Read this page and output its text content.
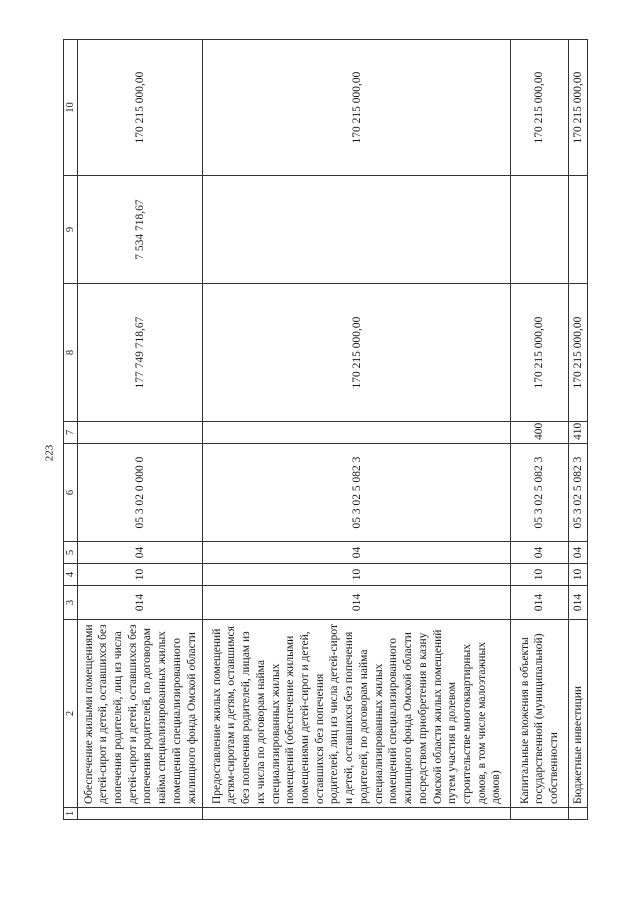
223
1	2	3	4	5	6	7	8	9	10
	Обеспечение жилыми помещениями детей-сирот и детей, оставшихся без попечения родителей, лиц из числа детей-сирот и детей, оставшихся без попечения родителей, по договорам найма специализированных жилых помещений специализированного жилищного фонда Омской области	014	10	04	05 3 02 0 000 0		177 749 718,67	7 534 718,67	170 215 000,00
	Предоставление жилых помещений детям-сиротам и детям, оставшимся без попечения родителей, лицам из их числа по договорам найма специализированных жилых помещений (обеспечение жилыми помещениями детей-сирот и детей, оставшихся без попечения родителей, лиц из числа детей-сирот и детей, оставшихся без попечения родителей, по договорам найма специализированных жилых помещений специализированного жилищного фонда Омской области посредством приобретения в казну Омской области жилых помещений путем участия в долевом строительстве многоквартирных домов, в том числе малоэтажных домов)	014	10	04	05 3 02 5 082 3		170 215 000,00		170 215 000,00
	Капитальные вложения в объекты государственной (муниципальной) собственности	014	10	04	05 3 02 5 082 3	400	170 215 000,00		170 215 000,00
	Бюджетные инвестиции	014	10	04	05 3 02 5 082 3	410	170 215 000,00		170 215 000,00
